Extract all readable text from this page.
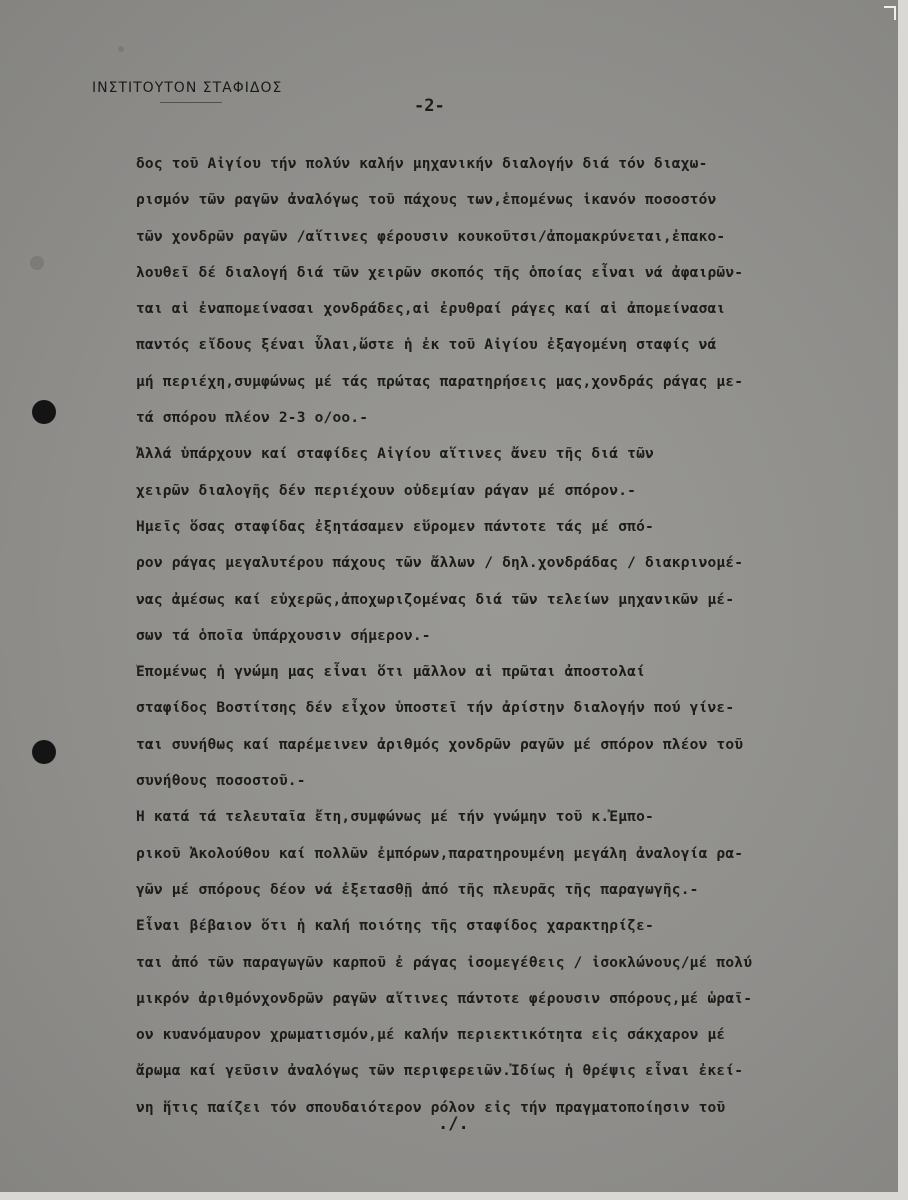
ΙΝΣΤΙΤΟΥΤΟΝ ΣΤΑΦΙΔΟΣ
-2-
δος τοῦ Αἰγίου τήν πολύν καλήν μηχανικήν διαλογήν διά τόν διαχω-
ρισμόν τῶν ραγῶν ἀναλόγως τοῦ πάχους των,ἑπομένως ἱκανόν ποσοστόν
τῶν χονδρῶν ραγῶν /αἵτινες φέρουσιν κουκοῦτσι/ἀπομακρύνεται,ἐπακο-
λουθεῖ δέ διαλογή διά τῶν χειρῶν σκοπός τῆς ὁποίας εἶναι νά ἀφαιρῶν-
ται αἱ ἐναπομείνασαι χονδράδες,αἱ ἐρυθραί ράγες καί αἱ ἀπομείνασαι
παντός εἴδους ξέναι ὗλαι,ὥστε ἡ ἐκ τοῦ Αἰγίου ἐξαγομένη σταφίς νά
μή περιέχη,συμφώνως μέ τάς πρώτας παρατηρήσεις μας,χονδράς ράγας με-
τά σπόρου πλέον 2-3 ο/οο.-
Ἀλλά ὑπάρχουν καί σταφίδες Αἰγίου αἵτινες ἄνευ τῆς διά τῶν
χειρῶν διαλογῆς δέν περιέχουν οὐδεμίαν ράγαν μέ σπόρον.-
Ἡμεῖς ὅσας σταφίδας ἐξητάσαμεν εὕρομεν πάντοτε τάς μέ σπό-
ρον ράγας μεγαλυτέρου πάχους τῶν ἄλλων / δηλ.χονδράδας / διακρινομέ-
νας ἀμέσως καί εὐχερῶς,ἀποχωριζομένας διά τῶν τελείων μηχανικῶν μέ-
σων τά ὁποῖα ὑπάρχουσιν σήμερον.-
Ἑπομένως ἡ γνώμη μας εἶναι ὅτι μᾶλλον αἱ πρῶται ἀποστολαί
σταφίδος Βοστίτσης δέν εἶχον ὑποστεῖ τήν ἀρίστην διαλογήν πού γίνε-
ται συνήθως καί παρέμεινεν ἀριθμός χονδρῶν ραγῶν μέ σπόρον πλέον τοῦ
συνήθους ποσοστοῦ.-
Ἡ κατά τά τελευταῖα ἔτη,συμφώνως μέ τήν γνώμην τοῦ κ.Ἐμπο-
ρικοῦ Ἀκολούθου καί πολλῶν ἐμπόρων,παρατηρουμένη μεγάλη ἀναλογία ρα-
γῶν μέ σπόρους δέον νά ἐξετασθῇ ἀπό τῆς πλευρᾶς τῆς παραγωγῆς.-
Εἶναι βέβαιον ὅτι ἡ καλή ποιότης τῆς σταφίδος χαρακτηρίζε-
ται ἀπό τῶν παραγωγῶν καρποῦ ἐ ράγας ἰσομεγέθεις / ἰσοκλώνους/μέ πολύ
μικρόν ἀριθμόνχονδρῶν ραγῶν αἵτινες πάντοτε φέρουσιν σπόρους,μέ ὡραῖ-
ον κυανόμαυρον χρωματισμόν,μέ καλήν περιεκτικότητα εἰς σάκχαρον μέ
ἄρωμα καί γεῦσιν ἀναλόγως τῶν περιφερειῶν.Ἰδίως ἡ θρέψις εἶναι ἐκεί-
νη ἥτις παίζει τόν σπουδαιότερον ρόλον εἰς τήν πραγματοποίησιν τοῦ
./.
